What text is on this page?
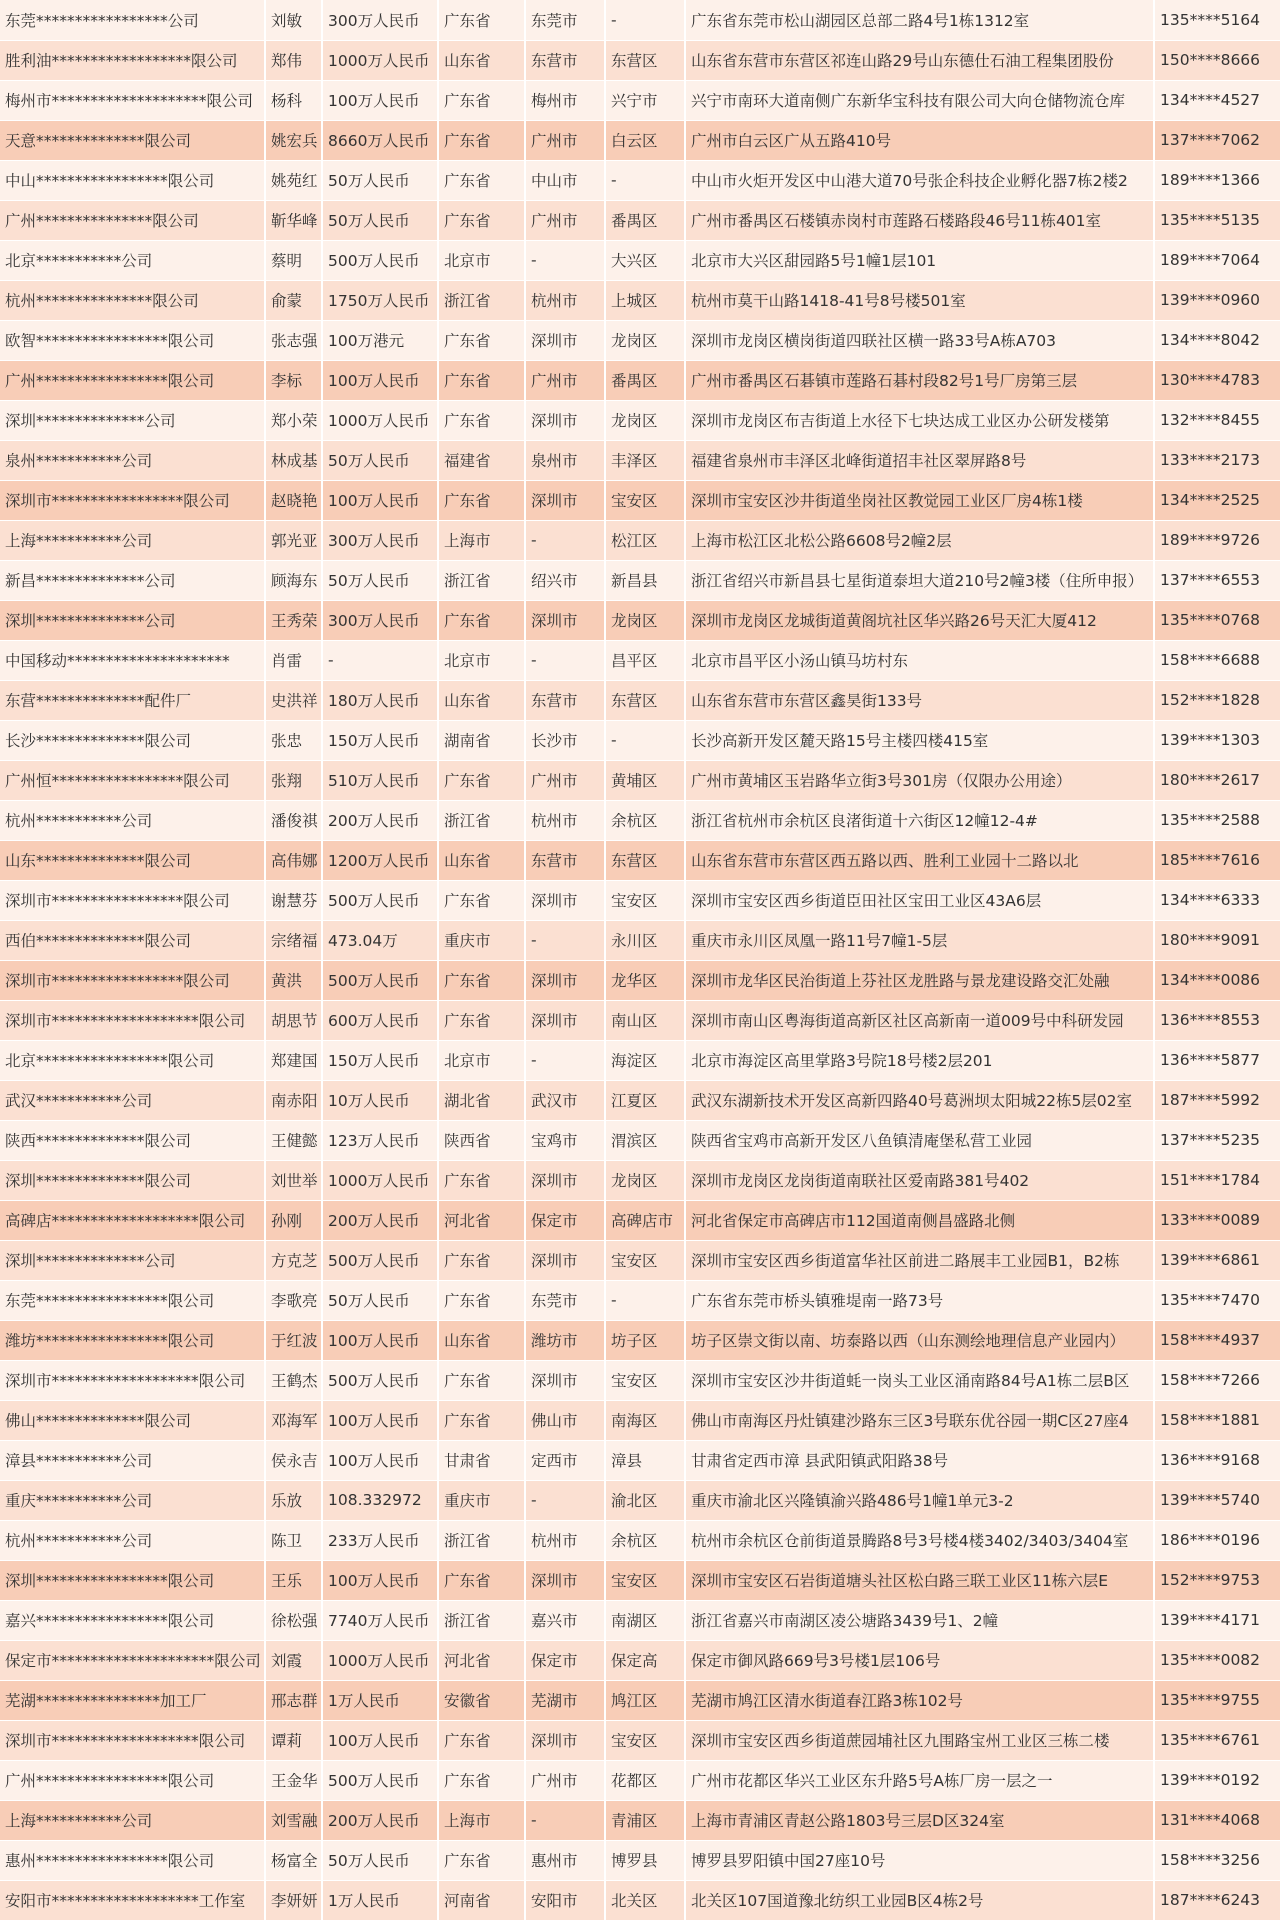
东莞*****************公司	刘敏	300万人民币	广东省	东莞市	-	广东省东莞市松山湖园区总部二路4号1栋1312室	135****5164
胜利油******************限公司	郑伟	1000万人民币	山东省	东营市	东营区	山东省东营市东营区祁连山路29号山东德仕石油工程集团股份	150****8666
梅州市********************限公司	杨科	100万人民币	广东省	梅州市	兴宁市	兴宁市南环大道南侧广东新华宝科技有限公司大向仓储物流仓库	134****4527
天意**************限公司	姚宏兵	8660万人民币	广东省	广州市	白云区	广州市白云区广从五路410号	137****7062
中山*****************限公司	姚苑红	50万人民币	广东省	中山市	-	中山市火炬开发区中山港大道70号张企科技企业孵化器7栋2楼2	189****1366
广州***************限公司	靳华峰	50万人民币	广东省	广州市	番禺区	广州市番禺区石楼镇赤岗村市莲路石楼路段46号11栋401室	135****5135
北京***********公司	蔡明	500万人民币	北京市	-	大兴区	北京市大兴区甜园路5号1幢1层101	189****7064
杭州***************限公司	俞蒙	1750万人民币	浙江省	杭州市	上城区	杭州市莫干山路1418-41号8号楼501室	139****0960
欧智*****************限公司	张志强	100万港元	广东省	深圳市	龙岗区	深圳市龙岗区横岗街道四联社区横一路33号A栋A703	134****8042
广州*****************限公司	李标	100万人民币	广东省	广州市	番禺区	广州市番禺区石碁镇市莲路石碁村段82号1号厂房第三层	130****4783
深圳**************公司	郑小荣	1000万人民币	广东省	深圳市	龙岗区	深圳市龙岗区布吉街道上水径下七块达成工业区办公研发楼第	132****8455
泉州***********公司	林成基	50万人民币	福建省	泉州市	丰泽区	福建省泉州市丰泽区北峰街道招丰社区翠屏路8号	133****2173
深圳市*****************限公司	赵晓艳	100万人民币	广东省	深圳市	宝安区	深圳市宝安区沙井街道坐岗社区教觉园工业区厂房4栋1楼	134****2525
上海***********公司	郭光亚	300万人民币	上海市	-	松江区	上海市松江区北松公路6608号2幢2层	189****9726
新昌**************公司	顾海东	50万人民币	浙江省	绍兴市	新昌县	浙江省绍兴市新昌县七星街道泰坦大道210号2幢3楼（住所申报）	137****6553
深圳**************公司	王秀荣	300万人民币	广东省	深圳市	龙岗区	深圳市龙岗区龙城街道黄阁坑社区华兴路26号天汇大厦412	135****0768
中国移动*********************	肖雷	-	北京市	-	昌平区	北京市昌平区小汤山镇马坊村东	158****6688
东营**************配件厂	史洪祥	180万人民币	山东省	东营市	东营区	山东省东营市东营区鑫昊街133号	152****1828
长沙**************限公司	张忠	150万人民币	湖南省	长沙市	-	长沙高新开发区麓天路15号主楼四楼415室	139****1303
广州恒*****************限公司	张翔	510万人民币	广东省	广州市	黄埔区	广州市黄埔区玉岩路华立街3号301房（仅限办公用途）	180****2617
杭州***********公司	潘俊祺	200万人民币	浙江省	杭州市	余杭区	浙江省杭州市余杭区良渚街道十六街区12幢12-4#	135****2588
山东**************限公司	高伟娜	1200万人民币	山东省	东营市	东营区	山东省东营市东营区西五路以西、胜利工业园十二路以北	185****7616
深圳市*****************限公司	谢慧芬	500万人民币	广东省	深圳市	宝安区	深圳市宝安区西乡街道臣田社区宝田工业区43A6层	134****6333
西伯**************限公司	宗绪福	473.04万	重庆市	-	永川区	重庆市永川区凤凰一路11号7幢1-5层	180****9091
深圳市*****************限公司	黄洪	500万人民币	广东省	深圳市	龙华区	深圳市龙华区民治街道上芬社区龙胜路与景龙建设路交汇处融	134****0086
深圳市*******************限公司	胡思节	600万人民币	广东省	深圳市	南山区	深圳市南山区粤海街道高新区社区高新南一道009号中科研发园	136****8553
北京*****************限公司	郑建国	150万人民币	北京市	-	海淀区	北京市海淀区高里掌路3号院18号楼2层201	136****5877
武汉***********公司	南赤阳	10万人民币	湖北省	武汉市	江夏区	武汉东湖新技术开发区高新四路40号葛洲坝太阳城22栋5层02室	187****5992
陕西**************限公司	王健懿	123万人民币	陕西省	宝鸡市	渭滨区	陕西省宝鸡市高新开发区八鱼镇清庵堡私营工业园	137****5235
深圳**************限公司	刘世举	1000万人民币	广东省	深圳市	龙岗区	深圳市龙岗区龙岗街道南联社区爱南路381号402	151****1784
高碑店*******************限公司	孙刚	200万人民币	河北省	保定市	高碑店市	河北省保定市高碑店市112国道南侧昌盛路北侧	133****0089
深圳**************公司	方克芝	500万人民币	广东省	深圳市	宝安区	深圳市宝安区西乡街道富华社区前进二路展丰工业园B1，B2栋	139****6861
东莞*****************限公司	李歌亮	50万人民币	广东省	东莞市	-	广东省东莞市桥头镇雅堤南一路73号	135****7470
潍坊*****************限公司	于红波	100万人民币	山东省	潍坊市	坊子区	坊子区崇文街以南、坊泰路以西（山东测绘地理信息产业园内）	158****4937
深圳市*******************限公司	王鹤杰	500万人民币	广东省	深圳市	宝安区	深圳市宝安区沙井街道蚝一岗头工业区涌南路84号A1栋二层B区	158****7266
佛山**************限公司	邓海军	100万人民币	广东省	佛山市	南海区	佛山市南海区丹灶镇建沙路东三区3号联东优谷园一期C区27座4	158****1881
漳县***********公司	侯永吉	100万人民币	甘肃省	定西市	漳县	甘肃省定西市漳 县武阳镇武阳路38号	136****9168
重庆***********公司	乐放	108.332972	重庆市	-	渝北区	重庆市渝北区兴隆镇渝兴路486号1幢1单元3-2	139****5740
杭州***********公司	陈卫	233万人民币	浙江省	杭州市	余杭区	杭州市余杭区仓前街道景腾路8号3号楼4楼3402/3403/3404室	186****0196
深圳*****************限公司	王乐	100万人民币	广东省	深圳市	宝安区	深圳市宝安区石岩街道塘头社区松白路三联工业区11栋六层E	152****9753
嘉兴*****************限公司	徐松强	7740万人民币	浙江省	嘉兴市	南湖区	浙江省嘉兴市南湖区凌公塘路3439号1、2幢	139****4171
保定市*********************限公司	刘霞	1000万人民币	河北省	保定市	保定高	保定市御风路669号3号楼1层106号	135****0082
芜湖****************加工厂	邢志群	1万人民币	安徽省	芜湖市	鸠江区	芜湖市鸠江区清水街道春江路3栋102号	135****9755
深圳市*******************限公司	谭莉	100万人民币	广东省	深圳市	宝安区	深圳市宝安区西乡街道蔗园埔社区九围路宝州工业区三栋二楼	135****6761
广州*****************限公司	王金华	500万人民币	广东省	广州市	花都区	广州市花都区华兴工业区东升路5号A栋厂房一层之一	139****0192
上海***********公司	刘雪融	200万人民币	上海市	-	青浦区	上海市青浦区青赵公路1803号三层D区324室	131****4068
惠州*****************限公司	杨富全	50万人民币	广东省	惠州市	博罗县	博罗县罗阳镇中国27座10号	158****3256
安阳市*******************工作室	李妍妍	1万人民币	河南省	安阳市	北关区	北关区107国道豫北纺织工业园B区4栋2号	187****6243
